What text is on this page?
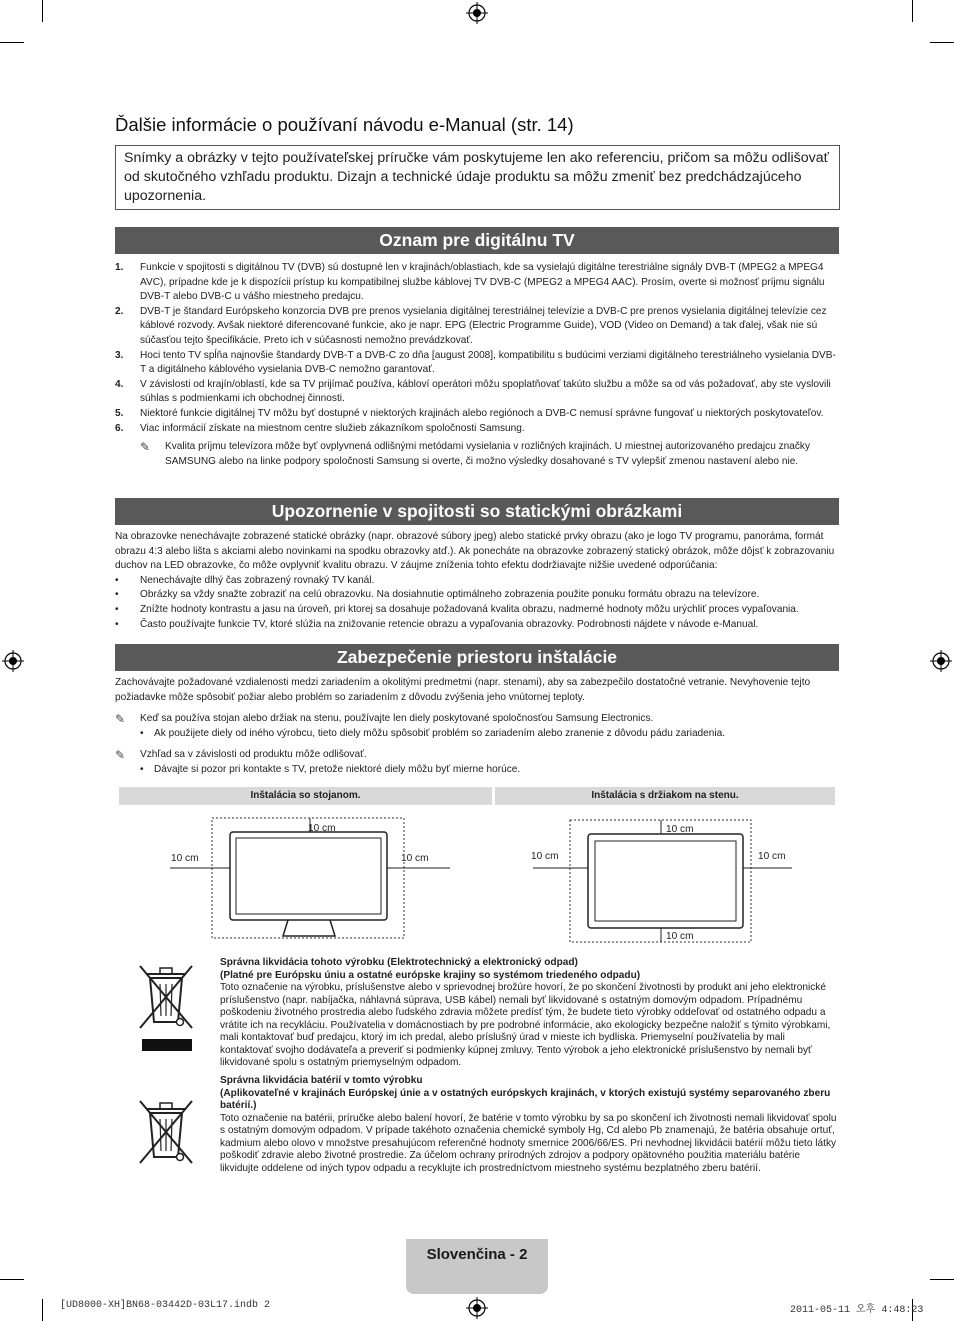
Ďalšie informácie o používaní návodu e-Manual (str. 14)
Snímky a obrázky v tejto používateľskej príručke vám poskytujeme len ako referenciu, pričom sa môžu odlišovať od skutočného vzhľadu produktu. Dizajn a technické údaje produktu sa môžu zmeniť bez predchádzajúceho upozornenia.
Oznam pre digitálnu TV
1.	Funkcie v spojitosti s digitálnou TV (DVB) sú dostupné len v krajinách/oblastiach, kde sa vysielajú digitálne terestriálne signály DVB-T (MPEG2 a MPEG4 AVC), prípadne kde je k dispozícii prístup ku kompatibilnej službe káblovej TV DVB-C (MPEG2 a MPEG4 AAC). Prosím, overte si možnosť príjmu signálu DVB-T alebo DVB-C u vášho miestneho predajcu.
2.	DVB-T je štandard Európskeho konzorcia DVB pre prenos vysielania digitálnej terestriálnej televízie a DVB-C pre prenos vysielania digitálnej televízie cez káblové rozvody. Avšak niektoré diferencované funkcie, ako je napr. EPG (Electric Programme Guide), VOD (Video on Demand) a tak ďalej, však nie sú súčasťou tejto špecifikácie. Preto ich v súčasnosti nemožno prevádzkovať.
3.	Hoci tento TV spĺňa najnovšie štandardy DVB-T a DVB-C zo dňa [august 2008], kompatibilitu s budúcimi verziami digitálneho terestriálneho vysielania DVB-T a digitálneho káblového vysielania DVB-C nemožno garantovať.
4.	V závislosti od krajín/oblastí, kde sa TV prijímač používa, kábloví operátori môžu spoplatňovať takúto službu a môže sa od vás požadovať, aby ste vyslovili súhlas s podmienkami ich obchodnej činnosti.
5.	Niektoré funkcie digitálnej TV môžu byť dostupné v niektorých krajinách alebo regiónoch a DVB-C nemusí správne fungovať u niektorých poskytovateľov.
6.	Viac informácií získate na miestnom centre služieb zákazníkom spoločnosti Samsung.
✎	Kvalita príjmu televízora môže byť ovplyvnená odlišnými metódami vysielania v rozličných krajinách. U miestnej autorizovaného predajcu značky SAMSUNG alebo na linke podpory spoločnosti Samsung si overte, či možno výsledky dosahované s TV vylepšiť zmenou nastavení alebo nie.
Upozornenie v spojitosti so statickými obrázkami
Na obrazovke nenechávajte zobrazené statické obrázky (napr. obrazové súbory jpeg) alebo statické prvky obrazu (ako je logo TV programu, panoráma, formát obrazu 4:3 alebo lišta s akciami alebo novinkami na spodku obrazovky atď.). Ak ponecháte na obrazovke zobrazený statický obrázok, môže dôjsť k zobrazovaniu duchov na LED obrazovke, čo môže ovplyvniť kvalitu obrazu. V záujme zníženia tohto efektu dodržiavajte nižšie uvedené odporúčania:
•	Nenechávajte dlhý čas zobrazený rovnaký TV kanál.
•	Obrázky sa vždy snažte zobraziť na celú obrazovku. Na dosiahnutie optimálneho zobrazenia použite ponuku formátu obrazu na televízore.
•	Znížte hodnoty kontrastu a jasu na úroveň, pri ktorej sa dosahuje požadovaná kvalita obrazu, nadmerné hodnoty môžu urýchliť proces vypaľovania.
•	Často používajte funkcie TV, ktoré slúžia na znižovanie retencie obrazu a vypaľovania obrazovky. Podrobnosti nájdete v návode e-Manual.
Zabezpečenie priestoru inštalácie
Zachovávajte požadované vzdialenosti medzi zariadením a okolitými predmetmi (napr. stenami), aby sa zabezpečilo dostatočné vetranie. Nevyhovenie tejto požiadavke môže spôsobiť požiar alebo problém so zariadením z dôvodu zvýšenia jeho vnútornej teploty.
✎	Keď sa používa stojan alebo držiak na stenu, používajte len diely poskytované spoločnosťou Samsung Electronics.
•	Ak použijete diely od iného výrobcu, tieto diely môžu spôsobiť problém so zariadením alebo zranenie z dôvodu pádu zariadenia.
✎	Vzhľad sa v závislosti od produktu môže odlišovať.
•	Dávajte si pozor pri kontakte s TV, pretože niektoré diely môžu byť mierne horúce.
Inštalácia so stojanom.	Inštalácia s držiakom na stenu.
10 cm
10 cm	10 cm
10 cm
10 cm	10 cm
10 cm
Správna likvidácia tohoto výrobku (Elektrotechnický a elektronický odpad)
(Platné pre Európsku úniu a ostatné európske krajiny so systémom triedeného odpadu)
Toto označenie na výrobku, príslušenstve alebo v sprievodnej brožúre hovorí, že po skončení životnosti by produkt ani jeho elektronické príslušenstvo (napr. nabíjačka, náhlavná súprava, USB kábel) nemali byť likvidované s ostatným domovým odpadom. Prípadnému poškodeniu životného prostredia alebo ľudského zdravia môžete predísť tým, že budete tieto výrobky oddeľovať od ostatného odpadu a vrátite ich na recykláciu. Používatelia v domácnostiach by pre podrobné informácie, ako ekologicky bezpečne naložiť s týmito výrobkami, mali kontaktovať buď predajcu, ktorý im ich predal, alebo príslušný úrad v mieste ich bydliska. Priemyselní používatelia by mali kontaktovať svojho dodávateľa a preveriť si podmienky kúpnej zmluvy. Tento výrobok a jeho elektronické príslušenstvo by nemali byť likvidované spolu s ostatným priemyselným odpadom.
Správna likvidácia batérií v tomto výrobku
(Aplikovateľné v krajinách Európskej únie a v ostatných európskych krajinách, v ktorých existujú systémy separovaného zberu batérií.)
Toto označenie na batérii, príručke alebo balení hovorí, že batérie v tomto výrobku by sa po skončení ich životnosti nemali likvidovať spolu s ostatným domovým odpadom. V prípade takéhoto označenia chemické symboly Hg, Cd alebo Pb znamenajú, že batéria obsahuje ortuť, kadmium alebo olovo v množstve presahujúcom referenčné hodnoty smernice 2006/66/ES. Pri nevhodnej likvidácii batérií môžu tieto látky poškodiť zdravie alebo životné prostredie. Za účelom ochrany prírodných zdrojov a podpory opätovného použitia materiálu batérie likvidujte oddelene od iných typov odpadu a recyklujte ich prostredníctvom miestneho systému bezplatného zberu batérií.
Slovenčina - 2
[UD8000-XH]BN68-03442D-03L17.indb 2	2011-05-11 오후 4:48:23
